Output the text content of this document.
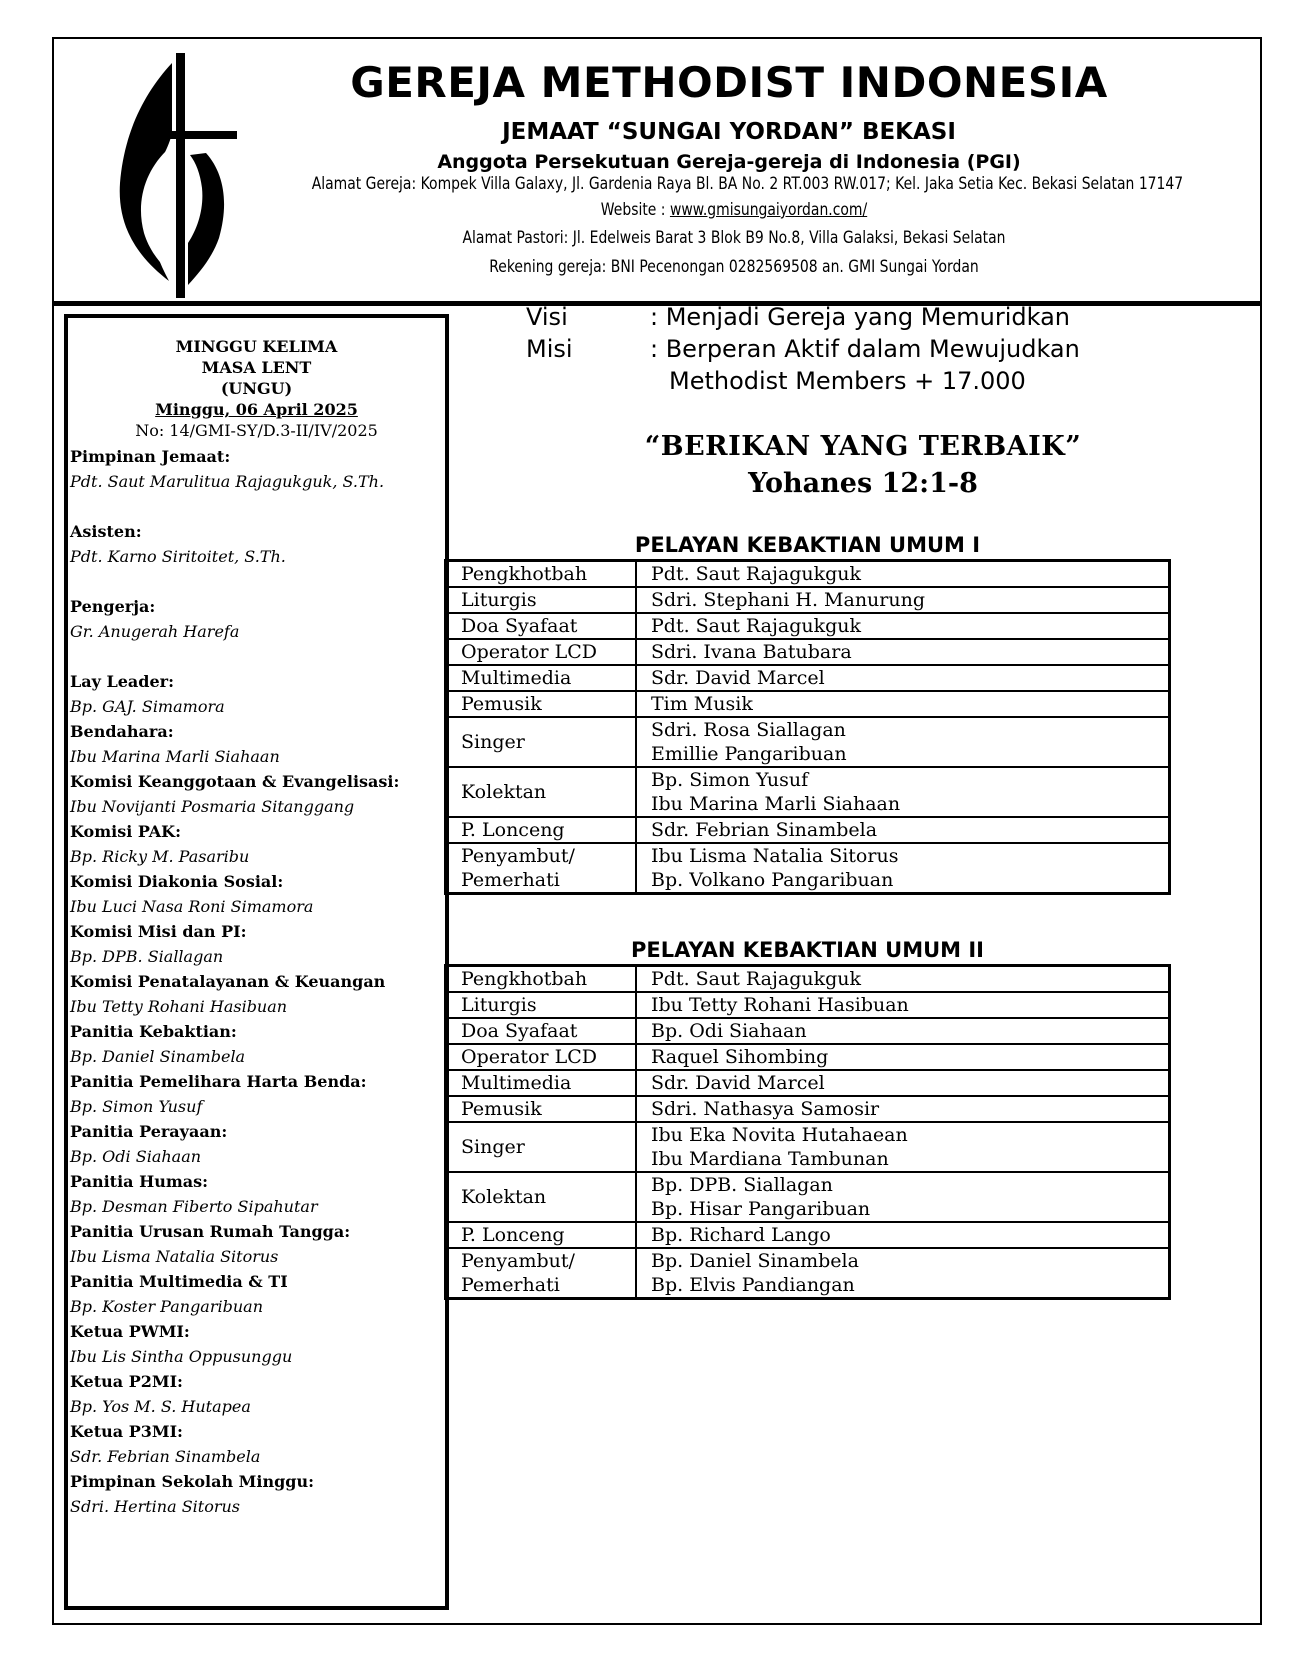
GEREJA METHODIST INDONESIA
JEMAAT “SUNGAI YORDAN” BEKASI
Anggota Persekutuan Gereja-gereja di Indonesia (PGI)
Alamat Gereja: Kompek Villa Galaxy, Jl. Gardenia Raya Bl. BA No. 2 RT.003 RW.017; Kel. Jaka Setia Kec. Bekasi Selatan 17147
Website : www.gmisungaiyordan.com/
Alamat Pastori: Jl. Edelweis Barat 3 Blok B9 No.8, Villa Galaksi, Bekasi Selatan
Rekening gereja: BNI Pecenongan 0282569508 an. GMI Sungai Yordan
MINGGU KELIMA
MASA LENT
(UNGU)
Minggu, 06 April 2025
No: 14/GMI-SY/D.3-II/IV/2025
Pimpinan Jemaat:
Pdt. Saut Marulitua Rajagukguk, S.Th.
Asisten:
Pdt. Karno Siritoitet, S.Th.
Pengerja:
Gr. Anugerah Harefa
Lay Leader:
Bp. GAJ. Simamora
Bendahara:
Ibu Marina Marli Siahaan
Komisi Keanggotaan & Evangelisasi:
Ibu Novijanti Posmaria Sitanggang
Komisi PAK:
Bp. Ricky M. Pasaribu
Komisi Diakonia Sosial:
Ibu Luci Nasa Roni Simamora
Komisi Misi dan PI:
Bp. DPB. Siallagan
Komisi Penatalayanan & Keuangan
Ibu Tetty Rohani Hasibuan
Panitia Kebaktian:
Bp. Daniel Sinambela
Panitia Pemelihara Harta Benda:
Bp. Simon Yusuf
Panitia Perayaan:
Bp. Odi Siahaan
Panitia Humas:
Bp. Desman Fiberto Sipahutar
Panitia Urusan Rumah Tangga:
Ibu Lisma Natalia Sitorus
Panitia Multimedia & TI
Bp. Koster Pangaribuan
Ketua PWMI:
Ibu Lis Sintha Oppusunggu
Ketua P2MI:
Bp. Yos M. S. Hutapea
Ketua P3MI:
Sdr. Febrian Sinambela
Pimpinan Sekolah Minggu:
Sdri. Hertina Sitorus
Visi	: Menjadi Gereja yang Memuridkan
Misi	: Berperan Aktif dalam Mewujudkan
Methodist Members + 17.000
“BERIKAN YANG TERBAIK”
Yohanes 12:1-8
PELAYAN KEBAKTIAN UMUM I
Pengkhotbah	Pdt. Saut Rajagukguk

Liturgis	Sdri. Stephani H. Manurung

Doa Syafaat	Pdt. Saut Rajagukguk

Operator LCD	Sdri. Ivana Batubara

Multimedia	Sdr. David Marcel

Pemusik	Tim Musik

Singer	Sdri. Rosa Siallagan
Emillie Pangaribuan

Kolektan	Bp. Simon Yusuf
Ibu Marina Marli Siahaan

P. Lonceng	Sdr. Febrian Sinambela

Penyambut/
Pemerhati	Ibu Lisma Natalia Sitorus
Bp. Volkano Pangaribuan
PELAYAN KEBAKTIAN UMUM II
Pengkhotbah	Pdt. Saut Rajagukguk

Liturgis	Ibu Tetty Rohani Hasibuan

Doa Syafaat	Bp. Odi Siahaan

Operator LCD	Raquel Sihombing

Multimedia	Sdr. David Marcel

Pemusik	Sdri. Nathasya Samosir

Singer	Ibu Eka Novita Hutahaean
Ibu Mardiana Tambunan

Kolektan	Bp. DPB. Siallagan
Bp. Hisar Pangaribuan

P. Lonceng	Bp. Richard Lango

Penyambut/
Pemerhati	Bp. Daniel Sinambela
Bp. Elvis Pandiangan
